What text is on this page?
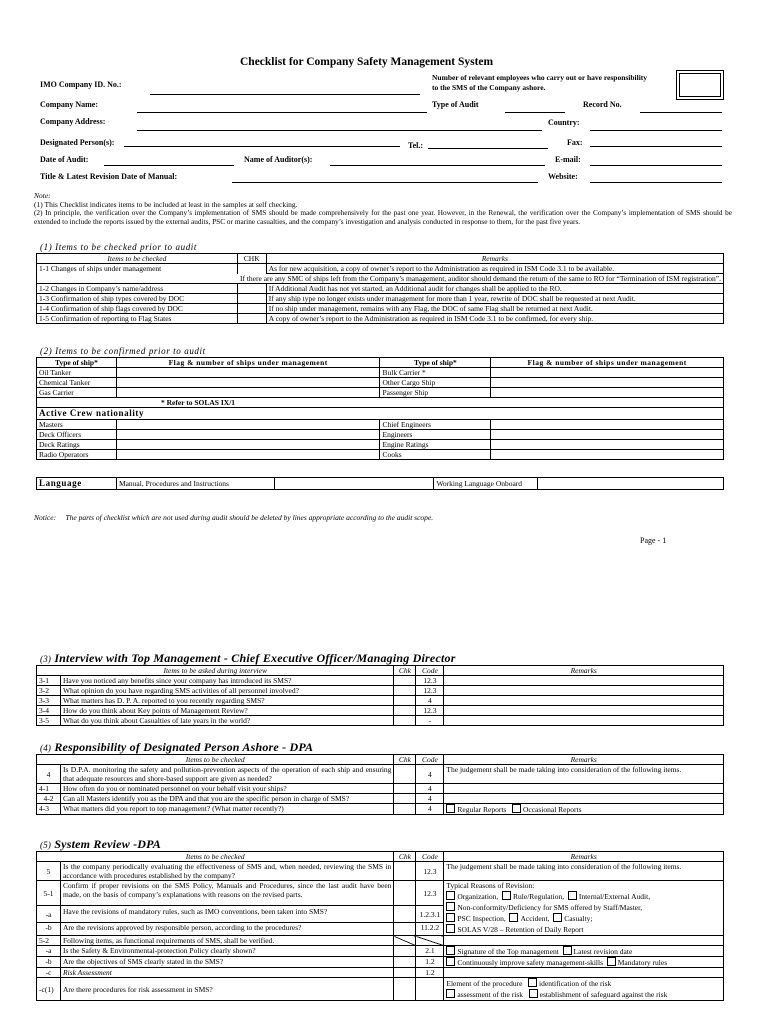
Checklist for Company Safety Management System
IMO Company ID. No.:
Number of relevant employees who carry out or have responsibility to the SMS of the Company ashore.
Company Name:	Type of Audit	Record No.
Company Address:	Country:
Designated Person(s):	Tel.:	Fax:
Date of Audit:	Name of Auditor(s):	E-mail:
Title & Latest Revision Date of Manual:	Website:
Note:
(1) This Checklist indicates items to be included at least in the samples at self checking.
(2) In principle, the verification over the Company’s implementation of SMS should be made comprehensively for the past one year. However, in the Renewal, the verification over the Company’s implementation of SMS should be extended to include the reports issued by the external audits, PSC or marine casualties, and the company’s investigation and analysis conducted in response to them, for the past five years.
(1) Items to be checked prior to audit
Items to be checked	CHK	Remarks
1-1 Changes of ships under management		As for new acquisition, a copy of owner’s report to the Administration as required in ISM Code 3.1 to be available.
If there are any SMC of ships left from the Company’s management, auditor should demand the return of the same to RO for “Termination of ISM registration”.		
1-2 Changes in Company’s name/address		If Additional Audit has not yet started, an Additional audit for changes shall be applied to the RO.
1-3 Confirmation of ship types covered by DOC		If any ship type no longer exists under management for more than 1 year, rewrite of DOC shall be requested at next Audit.
1-4 Confirmation of ship flags covered by DOC		If no ship under management, remains with any Flag, the DOC of same Flag shall be returned at next Audit.
1-5 Confirmation of reporting to Flag States		A copy of owner’s report to the Administration as required in ISM Code 3.1 to be confirmed, for every ship.
(2) Items to be confirmed prior to audit
Type of ship*	Flag & number of ships under management	Type of ship*	Flag & number of ships under management
Oil Tanker		Bulk Carrier *	
Chemical Tanker		Other Cargo Ship	
Gas Carrier		Passenger Ship	
* Refer to SOLAS IX/1			
Active Crew nationality			
Masters		Chief Engineers	
Deck Officers		Engineers	
Deck Ratings		Engine Ratings	
Radio Operators		Cooks	
Language	Manual, Procedures and Instructions		Working Language Onboard	
Notice:     The parts of checklist which are not used during audit should be deleted by lines appropriate according to the audit scope.
Page - 1
(3) Interview with Top Management - Chief Executive Officer/Managing Director
Items to be asked during interview		Chk	Code	Remarks
3-1	Have you noticed any benefits since your company has introduced its SMS?		12.3	
3-2	What opinion do you have regarding SMS activities of all personnel involved?		12.3	
3-3	What matters has D. P. A. reported to you recently regarding SMS?		4	
3-4	How do you think about Key points of Management Review?		12.3	
3-5	What do you think about Casualties of late years in the world?		-	
(4) Responsibility of Designated Person Ashore - DPA
Items to be checked		Chk	Code	Remarks
4	Is D.P.A. monitoring the safety and pollution-prevention aspects of the operation of each ship and ensuring that adequate resources and shore-based support are given as needed?		4	The judgement shall be made taking into consideration of the following items.
4-1	How often do you or nominated personnel on your behalf visit your ships?		4	
4-2	Can all Masters identify you as the DPA and that you are the specific person in charge of SMS?		4	
4-3	What matters did you report to top management? (What matter recently?)		4	Regular Reports Occasional Reports
(5) System Review -DPA
Items to be checked		Chk	Code	Remarks
5	Is the company periodically evaluating the effectiveness of SMS and, when needed, reviewing the SMS in accordance with procedures established by the company?		12.3	The judgement shall be made taking into consideration of the following items.
5-1	Confirm if proper revisions on the SMS Policy, Manuals and Procedures, since the last audit have been made, on the basis of company’s explanations with reasons on the revised parts.		12.3	Typical Reasons of Revision:
Organization, Rule/Regulation, Internal/External Audit,
Non-conformity/Deficiency for SMS offered by Staff/Master,
PSC Inspection, Accident, Casualty;
SOLAS V/28 – Retention of Daily Report

-a	Have the revisions of mandatory rules, such as IMO conventions, been taken into SMS?		1.2.3.1	
-b	Are the revisions approved by responsible person, according to the procedures?		11.2.2	
5-2	Following items, as functional requirements of SMS, shall be verified.			
-a	Is the Safety & Environmental-protection Policy clearly shown?		2.1	Signature of the Top management Latest revision date
-b	Are the objectives of SMS clearly stated in the SMS?		1.2	Continuously improve safety management-skills Mandatory rules
-c	Risk Assessment		1.2	
-c(1)	Are there procedures for risk assessment in SMS?			Element of the procedure identification of the risk
assessment of the risk establishment of safeguard against the risk
